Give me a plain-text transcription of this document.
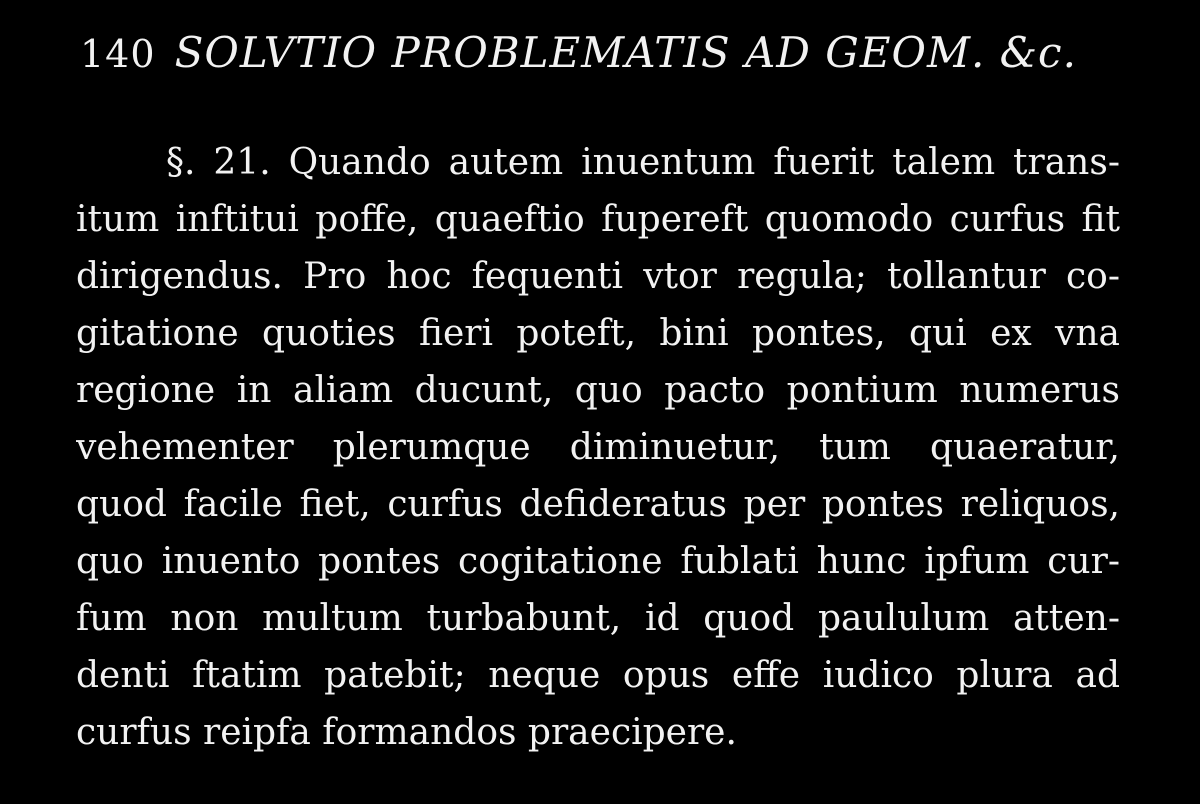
140 SOLVTIO PROBLEMATIS AD GEOM. &c.
§. 21. Quando autem inuentum fuerit talem trans-
itum inftitui poffe, quaeftio fupereft quomodo curfus fit
dirigendus. Pro hoc fequenti vtor regula; tollantur co-
gitatione quoties fieri poteft, bini pontes, qui ex vna
regione in aliam ducunt, quo pacto pontium numerus
vehementer plerumque diminuetur, tum quaeratur,
quod facile fiet, curfus defideratus per pontes reliquos,
quo inuento pontes cogitatione fublati hunc ipfum cur-
fum non multum turbabunt, id quod paululum atten-
denti ftatim patebit; neque opus effe iudico plura ad
curfus reipfa formandos praecipere.
